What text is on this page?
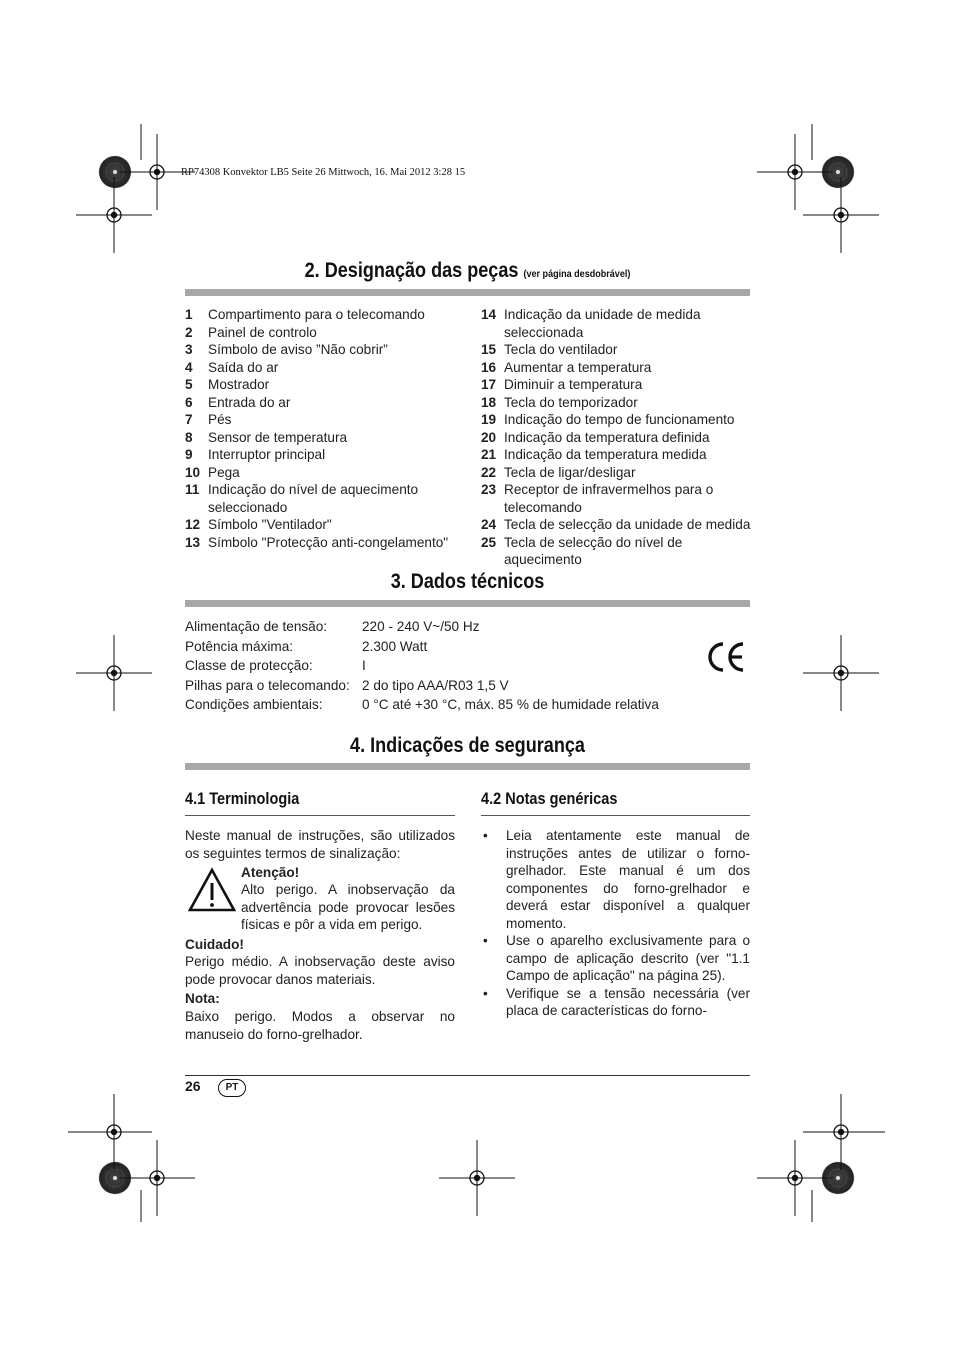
RP74308 Konvektor LB5 Seite 26 Mittwoch, 16. Mai 2012 3:28 15
2. Designação das peças (ver página desdobrável)
1	Compartimento para o telecomando
2	Painel de controlo
3	Símbolo de aviso ”Não cobrir”
4	Saída do ar
5	Mostrador
6	Entrada do ar
7	Pés
8	Sensor de temperatura
9	Interruptor principal
10 Pega
11 Indicação do nível de aquecimento seleccionado
12 Símbolo "Ventilador"
13 Símbolo "Protecção anti-congelamento"
14 Indicação da unidade de medida seleccionada
15 Tecla do ventilador
16 Aumentar a temperatura
17 Diminuir a temperatura
18 Tecla do temporizador
19 Indicação do tempo de funcionamento
20 Indicação da temperatura definida
21 Indicação da temperatura medida
22 Tecla de ligar/desligar
23 Receptor de infravermelhos para o telecomando
24 Tecla de selecção da unidade de medida
25 Tecla de selecção do nível de aquecimento
3. Dados técnicos
Alimentação de tensão:	220 - 240 V~/50 Hz
Potência máxima:	2.300 Watt
Classe de protecção:	I
Pilhas para o telecomando: 2 do tipo AAA/R03 1,5 V
Condições ambientais:	0 °C até +30 °C, máx. 85 % de humidade relativa
4. Indicações de segurança
4.1 Terminologia
Neste manual de instruções, são utilizados os seguintes termos de sinalização:
Atenção!
Alto perigo. A inobservação da advertência pode provocar lesões físicas e pôr a vida em perigo.
Cuidado!
Perigo médio. A inobservação deste aviso pode provocar danos materiais.
Nota:
Baixo perigo. Modos a observar no manuseio do forno-grelhador.
4.2 Notas genéricas
•	Leia atentamente este manual de instruções antes de utilizar o forno-grelhador. Este manual é um dos componentes do forno-grelhador e deverá estar disponível a qualquer momento.
•	Use o aparelho exclusivamente para o campo de aplicação descrito (ver "1.1 Campo de aplicação" na página 25).
•	Verifique se a tensão necessária (ver placa de características do forno-
26	PT
